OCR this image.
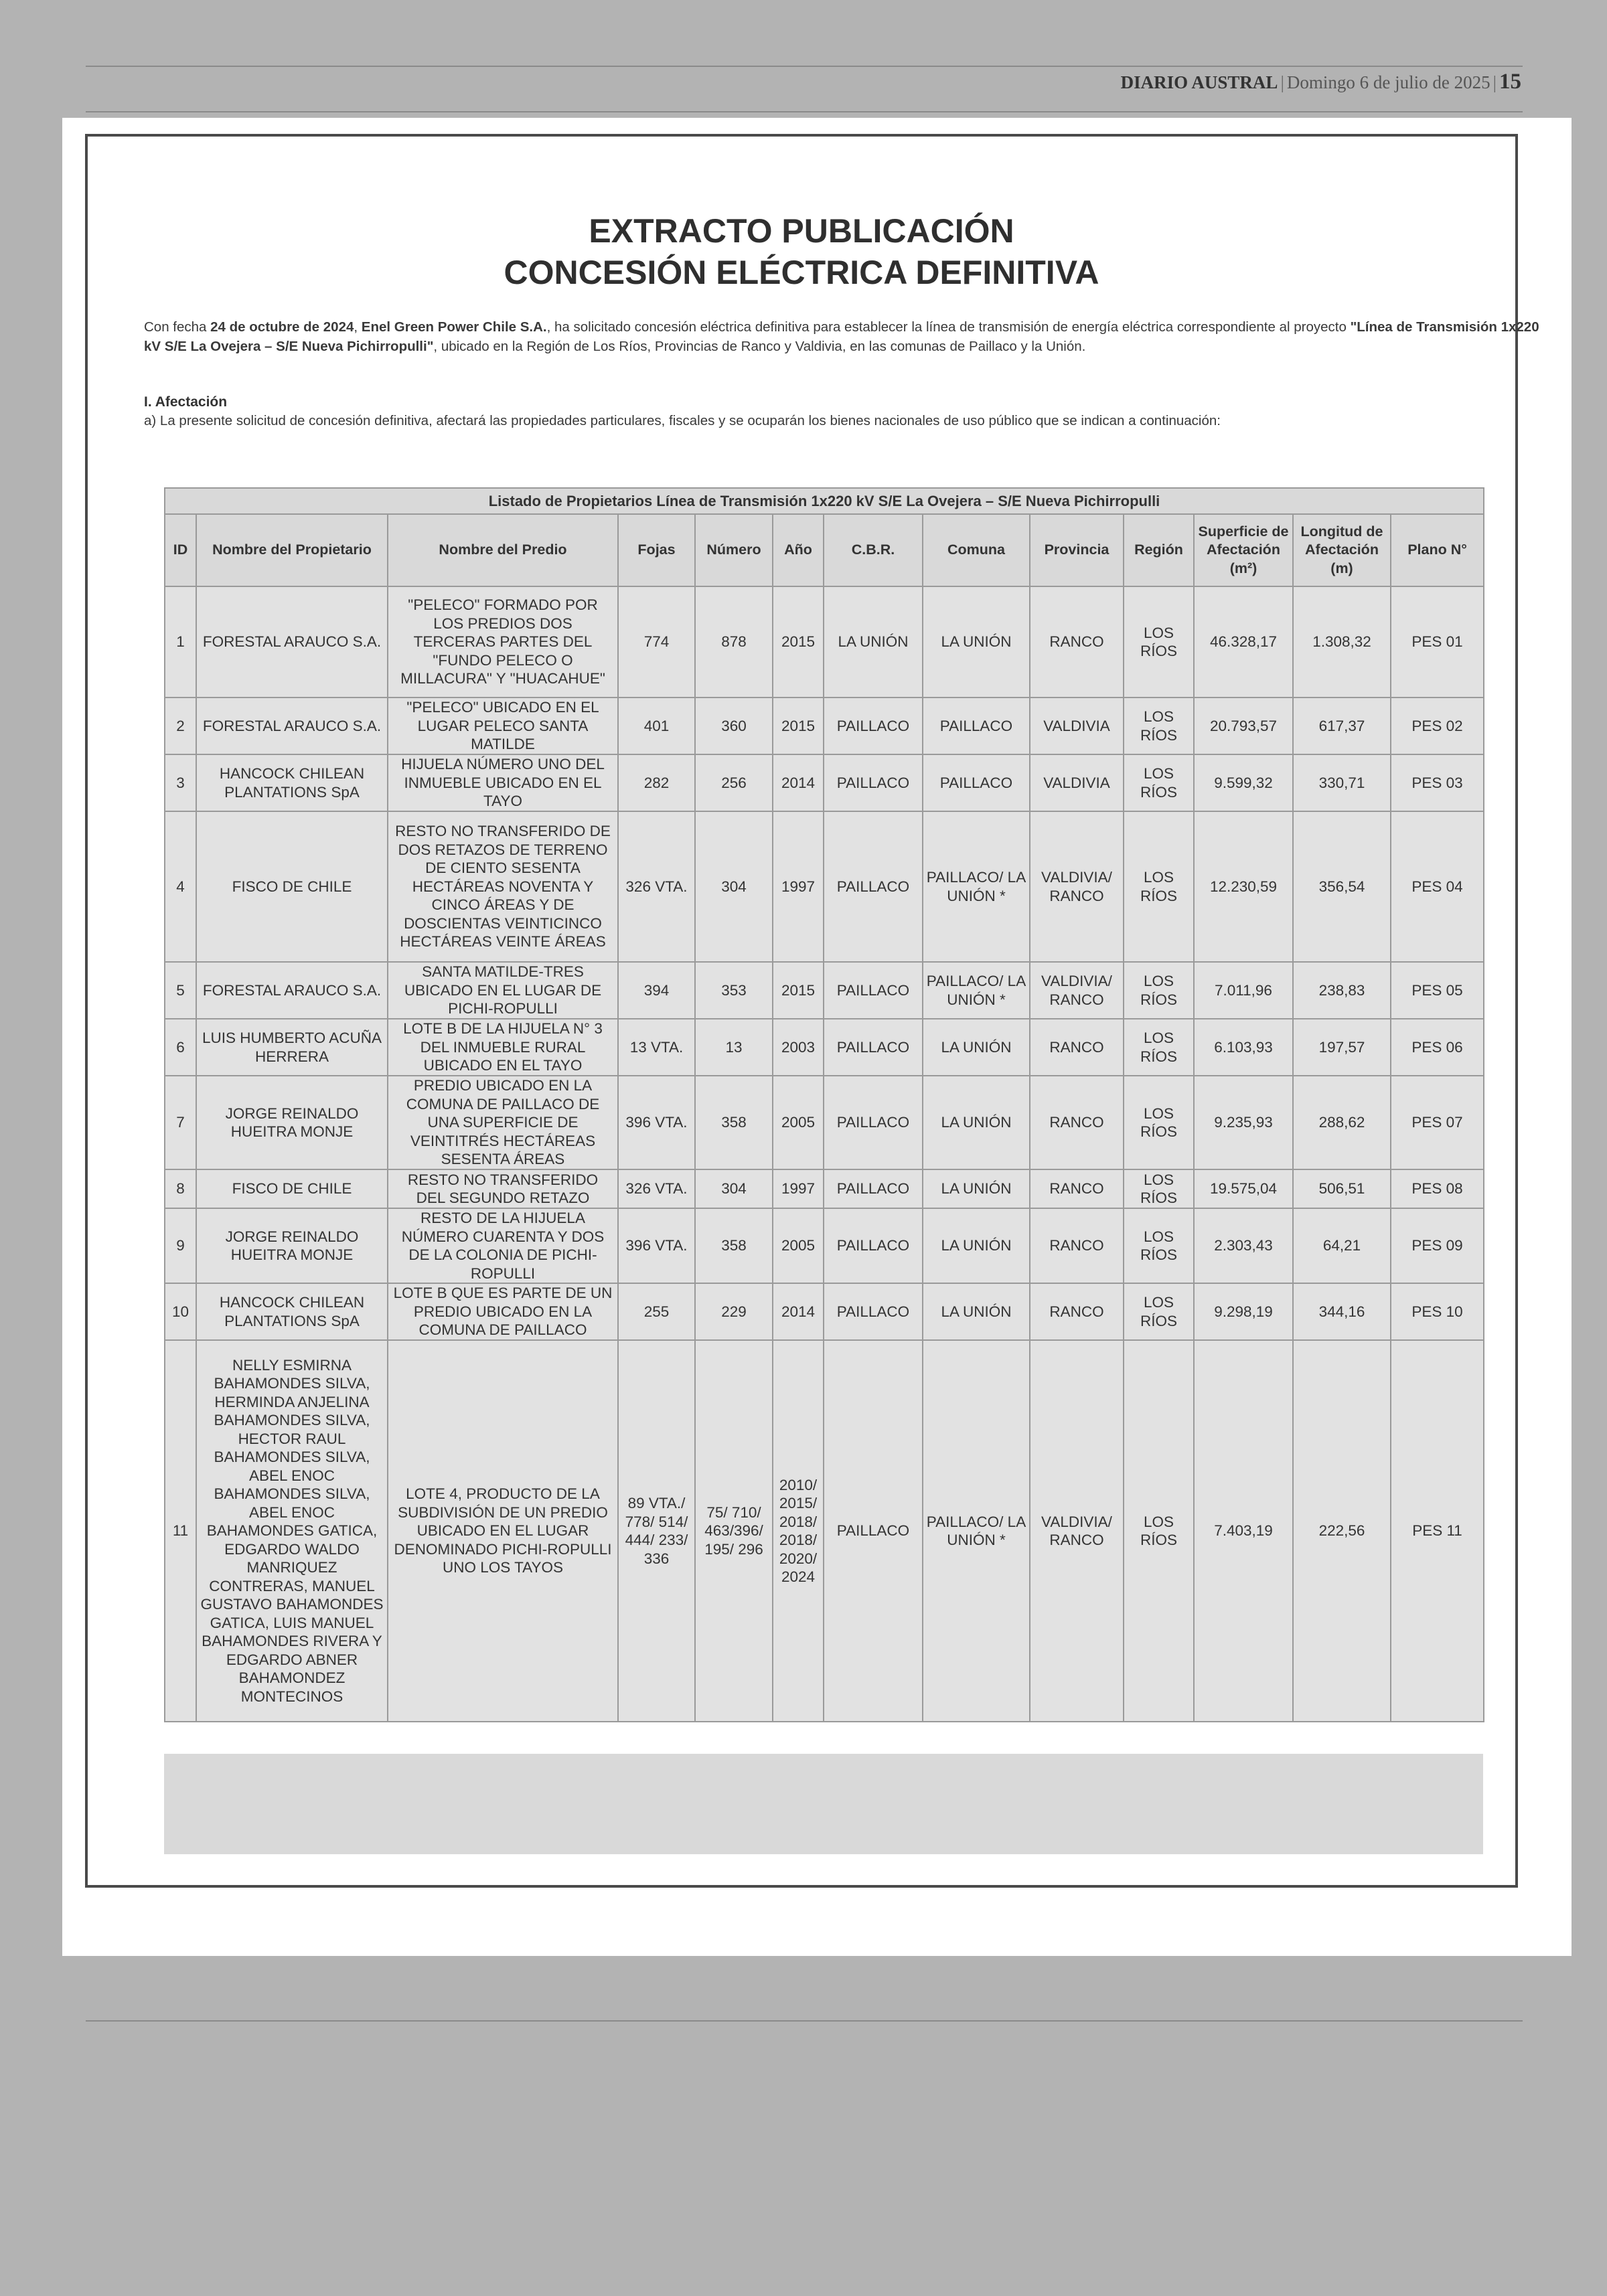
DIARIO AUSTRAL | Domingo 6 de julio de 2025 | 15
EXTRACTO PUBLICACIÓN
CONCESIÓN ELÉCTRICA DEFINITIVA
Con fecha 24 de octubre de 2024, Enel Green Power Chile S.A., ha solicitado concesión eléctrica definitiva para establecer la línea de transmisión de energía eléctrica correspondiente al proyecto "Línea de Transmisión 1x220 kV S/E La Ovejera – S/E Nueva Pichirropulli", ubicado en la Región de Los Ríos, Provincias de Ranco y Valdivia, en las comunas de Paillaco y la Unión.
I. Afectación
a) La presente solicitud de concesión definitiva, afectará las propiedades particulares, fiscales y se ocuparán los bienes nacionales de uso público que se indican a continuación:
Listado de Propietarios Línea de Transmisión 1x220 kV S/E La Ovejera – S/E Nueva Pichirropulli												
ID	Nombre del Propietario	Nombre del Predio	Fojas	Número	Año	C.B.R.	Comuna	Provincia	Región	Superficie de Afectación (m²)	Longitud de Afectación (m)	Plano N°
1	FORESTAL ARAUCO S.A.	"PELECO" FORMADO POR LOS PREDIOS DOS TERCERAS PARTES DEL "FUNDO PELECO O MILLACURA" Y "HUACAHUE"	774	878	2015	LA UNIÓN	LA UNIÓN	RANCO	LOS RÍOS	46.328,17	1.308,32	PES 01
2	FORESTAL ARAUCO S.A.	"PELECO" UBICADO EN EL LUGAR PELECO SANTA MATILDE	401	360	2015	PAILLACO	PAILLACO	VALDIVIA	LOS RÍOS	20.793,57	617,37	PES 02
3	HANCOCK CHILEAN PLANTATIONS SpA	HIJUELA NÚMERO UNO DEL INMUEBLE UBICADO EN EL TAYO	282	256	2014	PAILLACO	PAILLACO	VALDIVIA	LOS RÍOS	9.599,32	330,71	PES 03
4	FISCO DE CHILE	RESTO NO TRANSFERIDO DE DOS RETAZOS DE TERRENO DE CIENTO SESENTA HECTÁREAS NOVENTA Y CINCO ÁREAS Y DE DOSCIENTAS VEINTICINCO HECTÁREAS VEINTE ÁREAS	326 VTA.	304	1997	PAILLACO	PAILLACO/ LA UNIÓN *	VALDIVIA/ RANCO	LOS RÍOS	12.230,59	356,54	PES 04
5	FORESTAL ARAUCO S.A.	SANTA MATILDE-TRES UBICADO EN EL LUGAR DE PICHI-ROPULLI	394	353	2015	PAILLACO	PAILLACO/ LA UNIÓN *	VALDIVIA/ RANCO	LOS RÍOS	7.011,96	238,83	PES 05
6	LUIS HUMBERTO ACUÑA HERRERA	LOTE B DE LA HIJUELA N° 3 DEL INMUEBLE RURAL UBICADO EN EL TAYO	13 VTA.	13	2003	PAILLACO	LA UNIÓN	RANCO	LOS RÍOS	6.103,93	197,57	PES 06
7	JORGE REINALDO HUEITRA MONJE	PREDIO UBICADO EN LA COMUNA DE PAILLACO DE UNA SUPERFICIE DE VEINTITRÉS HECTÁREAS SESENTA ÁREAS	396 VTA.	358	2005	PAILLACO	LA UNIÓN	RANCO	LOS RÍOS	9.235,93	288,62	PES 07
8	FISCO DE CHILE	RESTO NO TRANSFERIDO DEL SEGUNDO RETAZO	326 VTA.	304	1997	PAILLACO	LA UNIÓN	RANCO	LOS RÍOS	19.575,04	506,51	PES 08
9	JORGE REINALDO HUEITRA MONJE	RESTO DE LA HIJUELA NÚMERO CUARENTA Y DOS DE LA COLONIA DE PICHI-ROPULLI	396 VTA.	358	2005	PAILLACO	LA UNIÓN	RANCO	LOS RÍOS	2.303,43	64,21	PES 09
10	HANCOCK CHILEAN PLANTATIONS SpA	LOTE B QUE ES PARTE DE UN PREDIO UBICADO EN LA COMUNA DE PAILLACO	255	229	2014	PAILLACO	LA UNIÓN	RANCO	LOS RÍOS	9.298,19	344,16	PES 10
11	NELLY ESMIRNA BAHAMONDES SILVA, HERMINDA ANJELINA BAHAMONDES SILVA, HECTOR RAUL BAHAMONDES SILVA, ABEL ENOC BAHAMONDES SILVA, ABEL ENOC BAHAMONDES GATICA, EDGARDO WALDO MANRIQUEZ CONTRERAS, MANUEL GUSTAVO BAHAMONDES GATICA, LUIS MANUEL BAHAMONDES RIVERA Y EDGARDO ABNER BAHAMONDEZ MONTECINOS	LOTE 4, PRODUCTO DE LA SUBDIVISIÓN DE UN PREDIO UBICADO EN EL LUGAR DENOMINADO PICHI-ROPULLI UNO LOS TAYOS	89 VTA./ 778/ 514/ 444/ 233/ 336	75/ 710/ 463/396/ 195/ 296	2010/ 2015/ 2018/ 2018/ 2020/ 2024	PAILLACO	PAILLACO/ LA UNIÓN *	VALDIVIA/ RANCO	LOS RÍOS	7.403,19	222,56	PES 11
